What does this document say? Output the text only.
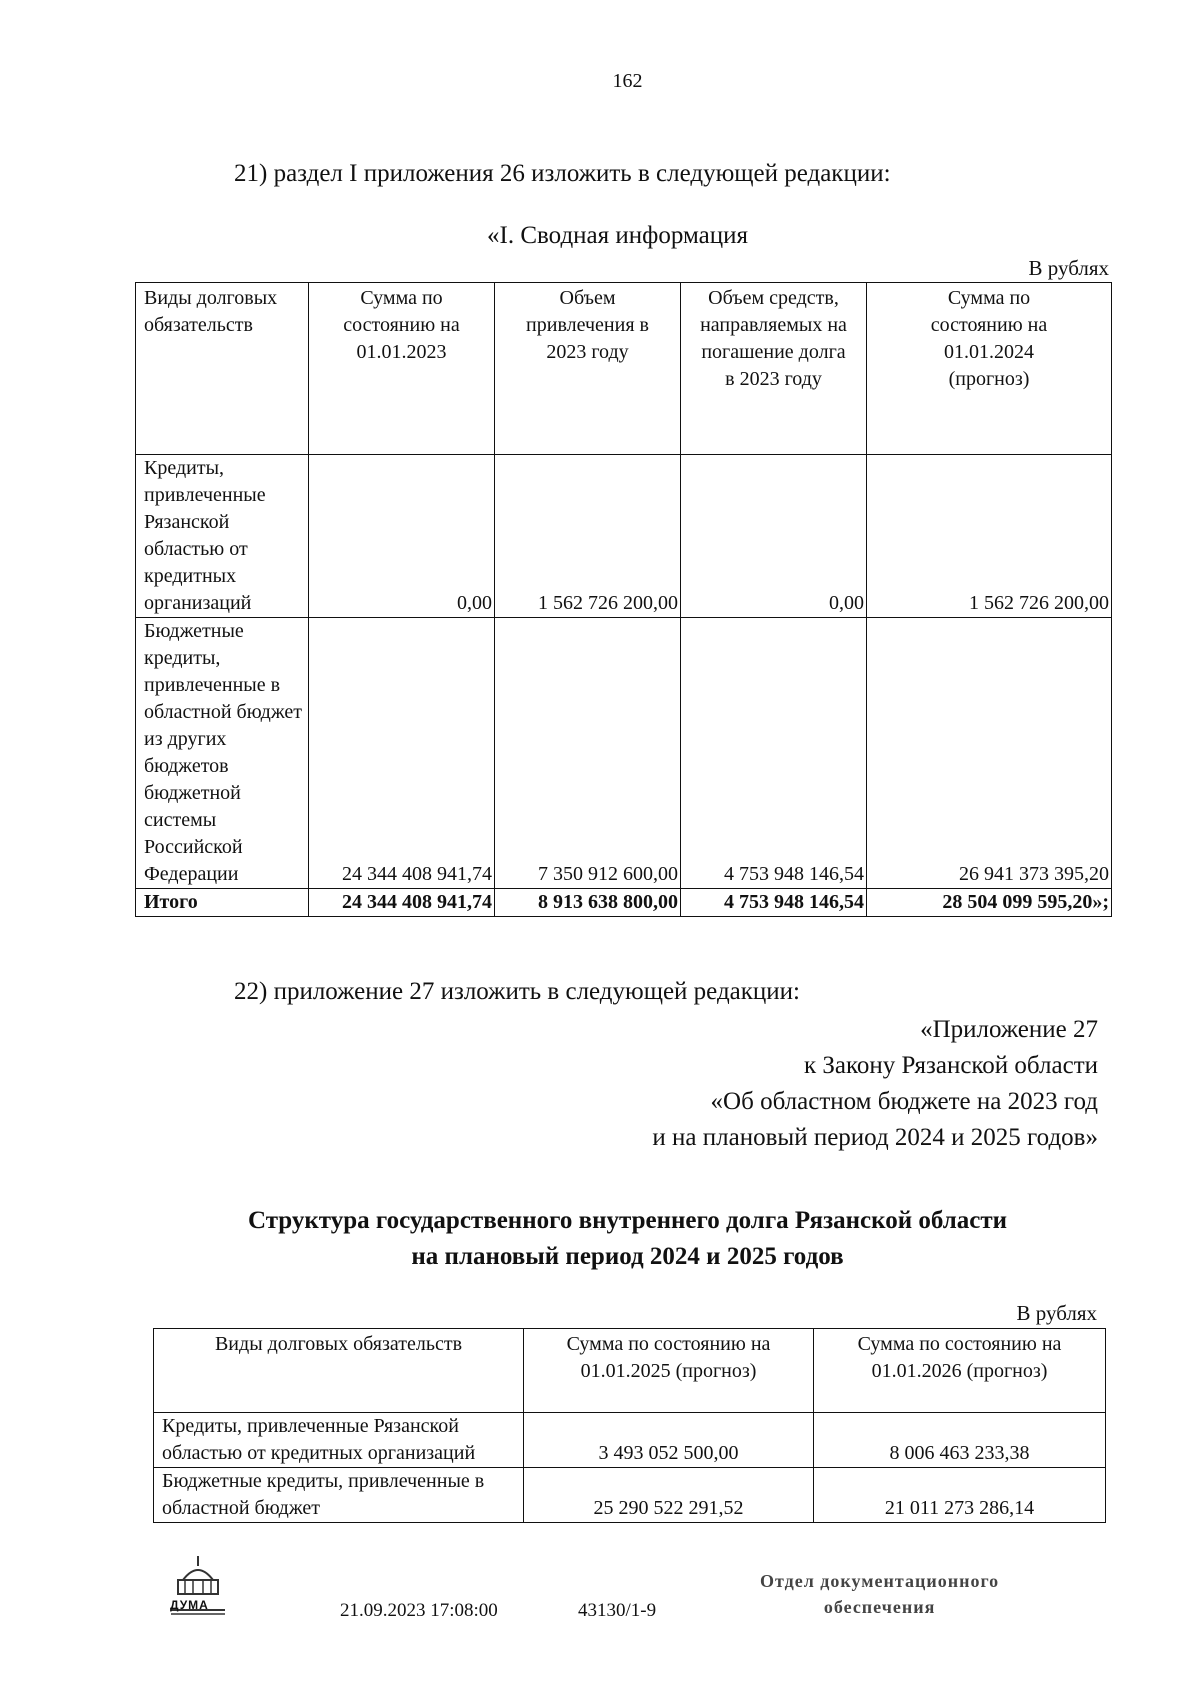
162
21) раздел I приложения 26 изложить в следующей редакции:
«I. Сводная информация
В рублях
Виды долговых обязательств	Сумма по состоянию на 01.01.2023	Объем привлечения в 2023 году	Объем средств, направляемых на погашение долга в 2023 году	Сумма по состоянию на 01.01.2024 (прогноз)

Кредиты, привлеченные Рязанской областью от кредитных организаций	0,00	1 562 726 200,00	0,00	1 562 726 200,00
Бюджетные кредиты, привлеченные в областной бюджет из других бюджетов бюджетной системы Российской Федерации	24 344 408 941,74	7 350 912 600,00	4 753 948 146,54	26 941 373 395,20
Итого	24 344 408 941,74	8 913 638 800,00	4 753 948 146,54	28 504 099 595,20»;
22) приложение 27 изложить в следующей редакции:
«Приложение 27
к Закону Рязанской области
«Об областном бюджете на 2023 год
и на плановый период 2024 и 2025 годов»
Структура государственного внутреннего долга Рязанской области
на плановый период 2024 и 2025 годов
В рублях
Виды долговых обязательств	Сумма по состоянию на 01.01.2025 (прогноз)	Сумма по состоянию на 01.01.2026 (прогноз)

Кредиты, привлеченные Рязанской областью от кредитных организаций	3 493 052 500,00	8 006 463 233,38
Бюджетные кредиты, привлеченные в областной бюджет	25 290 522 291,52	21 011 273 286,14
ДУМА	21.09.2023 17:08:00	43130/1-9
Отдел документационного
обеспечения
